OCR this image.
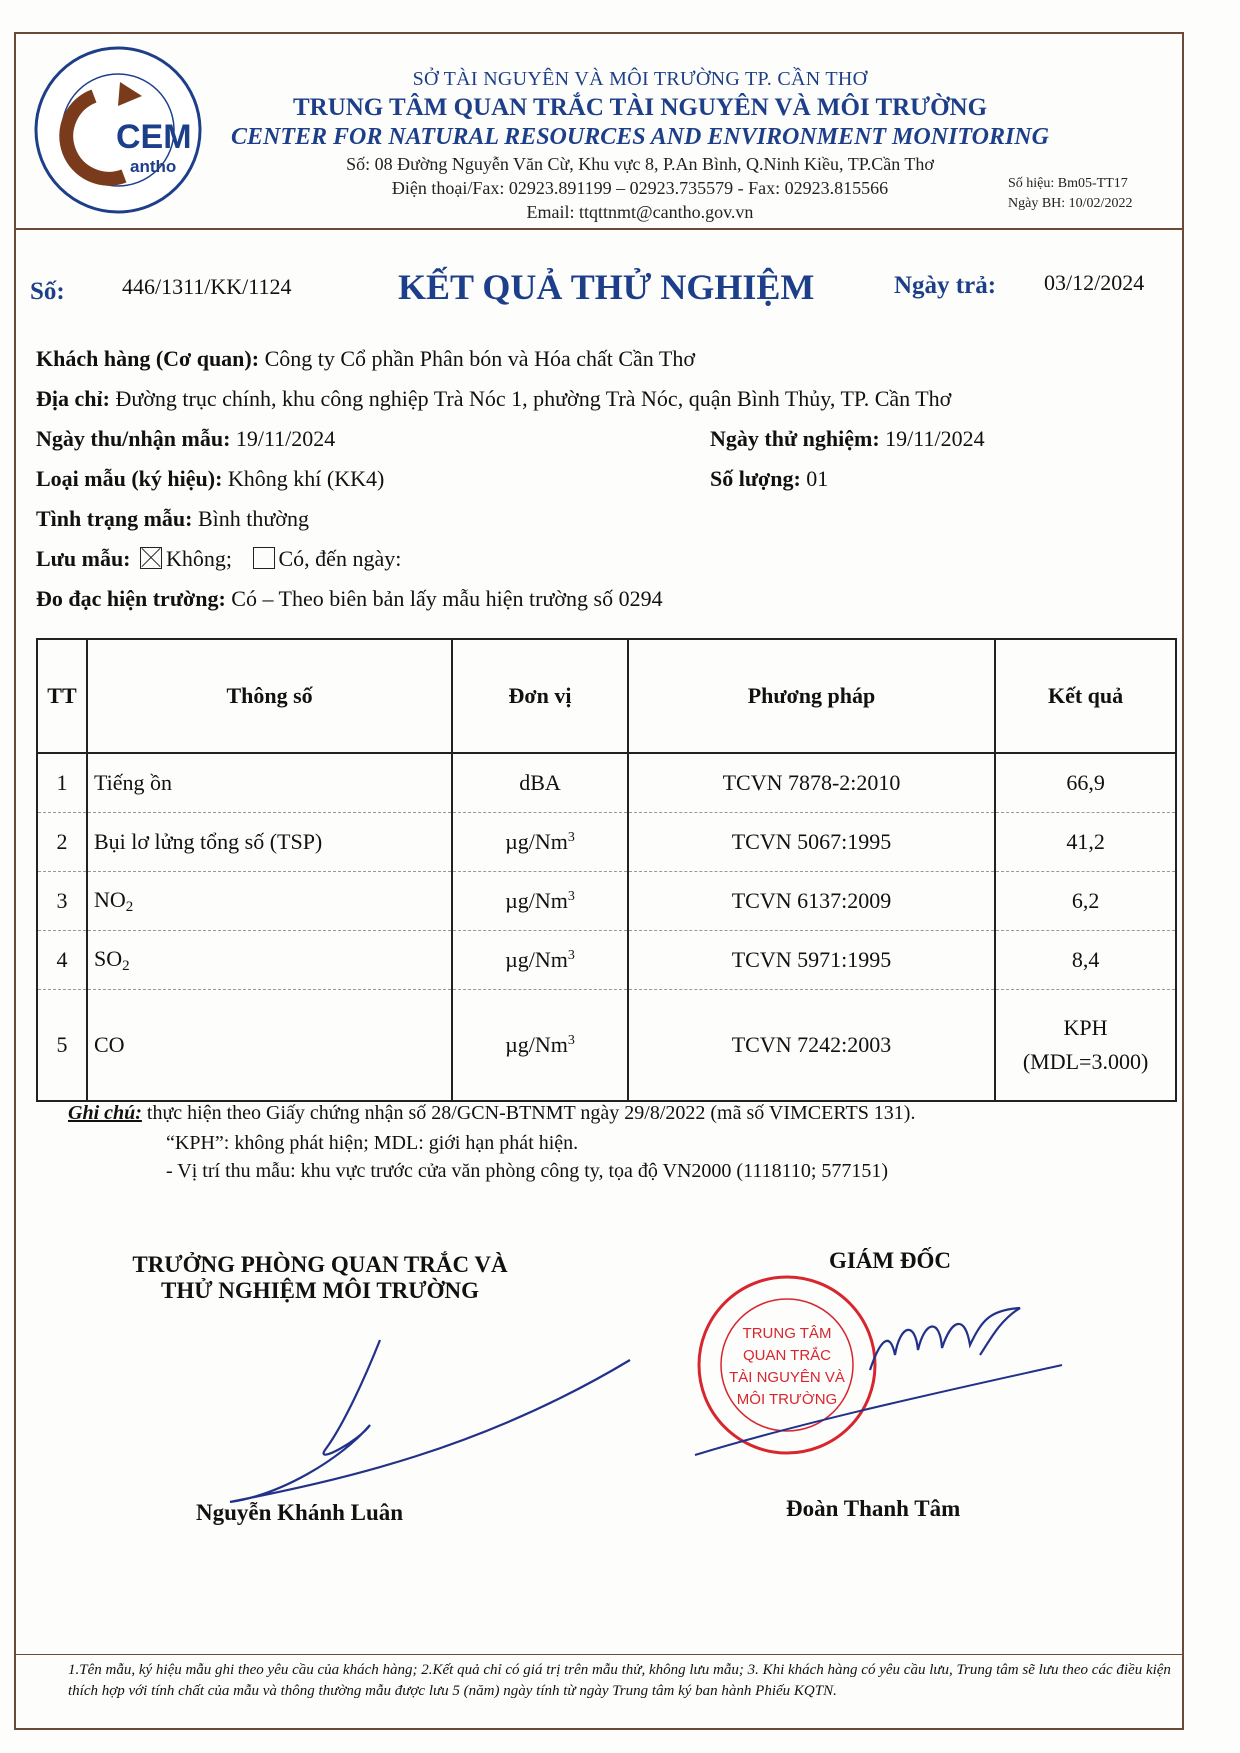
CEM
antho
SỞ TÀI NGUYÊN VÀ MÔI TRƯỜNG TP. CẦN THƠ
TRUNG TÂM QUAN TRẮC TÀI NGUYÊN VÀ MÔI TRƯỜNG
CENTER FOR NATURAL RESOURCES AND ENVIRONMENT MONITORING
Số: 08 Đường Nguyễn Văn Cừ, Khu vực 8, P.An Bình, Q.Ninh Kiều, TP.Cần Thơ
Điện thoại/Fax: 02923.891199 – 02923.735579 - Fax: 02923.815566
Email: ttqttnmt@cantho.gov.vn
Số hiệu: Bm05-TT17
Ngày BH: 10/02/2022
Số:	446/1311/KK/1124	KẾT QUẢ THỬ NGHIỆM	Ngày trả: 03/12/2024
Khách hàng (Cơ quan): Công ty Cổ phần Phân bón và Hóa chất Cần Thơ
Địa chỉ: Đường trục chính, khu công nghiệp Trà Nóc 1, phường Trà Nóc, quận Bình Thủy, TP. Cần Thơ
Ngày thu/nhận mẫu: 19/11/2024	Ngày thử nghiệm: 19/11/2024
Loại mẫu (ký hiệu): Không khí (KK4)	Số lượng: 01
Tình trạng mẫu: Bình thường
Lưu mẫu: Không; Có, đến ngày:
Đo đạc hiện trường: Có – Theo biên bản lấy mẫu hiện trường số 0294
TT	Thông số	Đơn vị	Phương pháp	Kết quả
1	Tiếng ồn	dBA	TCVN 7878-2:2010	66,9
2	Bụi lơ lửng tổng số (TSP)	µg/Nm$^3$	TCVN 5067:1995	41,2
3	$NO_2$	µg/Nm$^3$	TCVN 6137:2009	6,2
4	$SO_2$	µg/Nm$^3$	TCVN 5971:1995	8,4
5	CO	µg/Nm$^3$	TCVN 7242:2003	KPH
(MDL=3.000)
Ghi chú: thực hiện theo Giấy chứng nhận số 28/GCN-BTNMT ngày 29/8/2022 (mã số VIMCERTS 131).
“KPH”: không phát hiện; MDL: giới hạn phát hiện.
- Vị trí thu mẫu: khu vực trước cửa văn phòng công ty, tọa độ VN2000 (1118110; 577151)
TRƯỞNG PHÒNG QUAN TRẮC VÀ
THỬ NGHIỆM MÔI TRƯỜNG
GIÁM ĐỐC
TRUNG TÂM
QUAN TRẮC
TÀI NGUYÊN VÀ
MÔI TRƯỜNG
Nguyễn Khánh Luân	Đoàn Thanh Tâm
1.Tên mẫu, ký hiệu mẫu ghi theo yêu cầu của khách hàng; 2.Kết quả chỉ có giá trị trên mẫu thử, không lưu mẫu; 3. Khi khách hàng có yêu cầu lưu, Trung tâm sẽ lưu theo các điều kiện thích hợp với tính chất của mẫu và thông thường mẫu được lưu 5 (năm) ngày tính từ ngày Trung tâm ký ban hành Phiếu KQTN.
